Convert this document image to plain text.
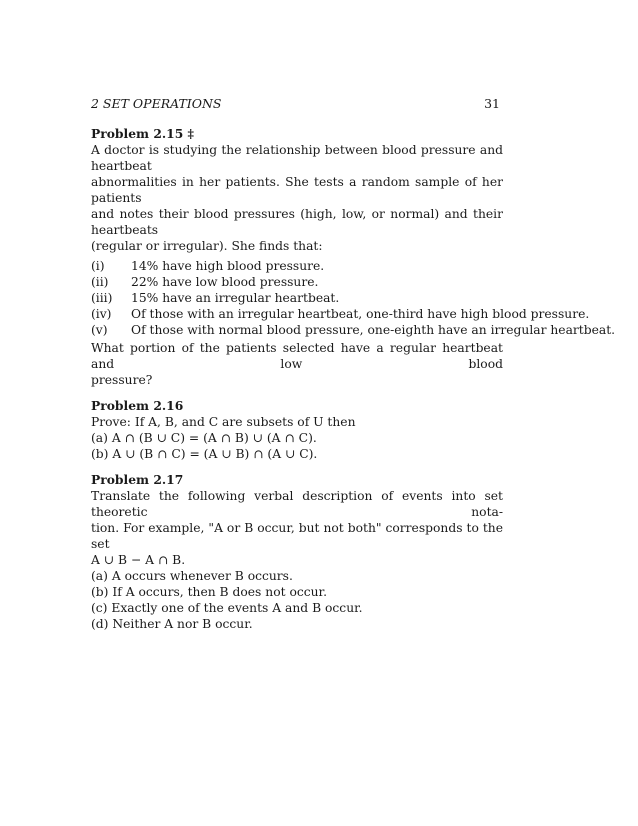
2 SET OPERATIONS	31
Problem 2.15 ‡
A doctor is studying the relationship between blood pressure and heartbeat
abnormalities in her patients. She tests a random sample of her patients
and notes their blood pressures (high, low, or normal) and their heartbeats
(regular or irregular). She finds that:
(i)	14% have high blood pressure.
(ii)	22% have low blood pressure.
(iii)	15% have an irregular heartbeat.
(iv)	Of those with an irregular heartbeat, one-third have high blood pressure.
(v)	Of those with normal blood pressure, one-eighth have an irregular heartbeat.
What portion of the patients selected have a regular heartbeat and low blood
pressure?
Problem 2.16
Prove: If A, B, and C are subsets of U then
(a) A ∩ (B ∪ C) = (A ∩ B) ∪ (A ∩ C).
(b) A ∪ (B ∩ C) = (A ∪ B) ∩ (A ∪ C).
Problem 2.17
Translate the following verbal description of events into set theoretic nota-
tion. For example, "A or B occur, but not both" corresponds to the set
A ∪ B − A ∩ B.
(a) A occurs whenever B occurs.
(b) If A occurs, then B does not occur.
(c) Exactly one of the events A and B occur.
(d) Neither A nor B occur.
